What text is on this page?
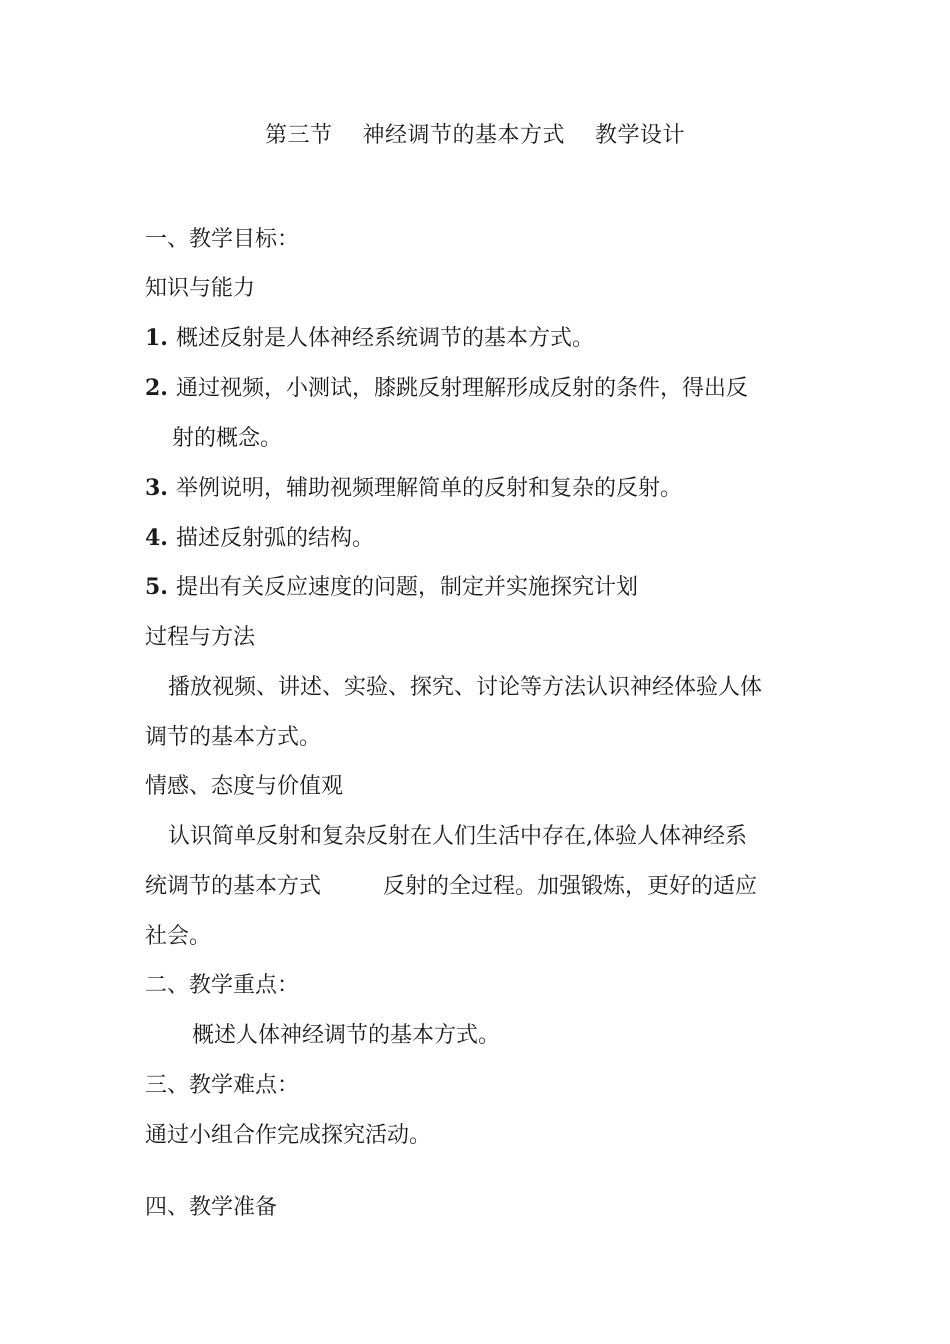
第三节    神经调节的基本方式    教学设计
一、教学目标：
知识与能力
1. 概述反射是人体神经系统调节的基本方式。
2. 通过视频，小测试，膝跳反射理解形成反射的条件，得出反
射的概念。
3. 举例说明，辅助视频理解简单的反射和复杂的反射。
4. 描述反射弧的结构。
5. 提出有关反应速度的问题，制定并实施探究计划
过程与方法
播放视频、讲述、实验、探究、讨论等方法认识神经体验人体
调节的基本方式。
情感、态度与价值观
认识简单反射和复杂反射在人们生活中存在,体验人体神经系
统调节的基本方式	反射的全过程。加强锻炼，更好的适应
社会。
二、教学重点：
概述人体神经调节的基本方式。
三、教学难点：
通过小组合作完成探究活动。
四、教学准备
